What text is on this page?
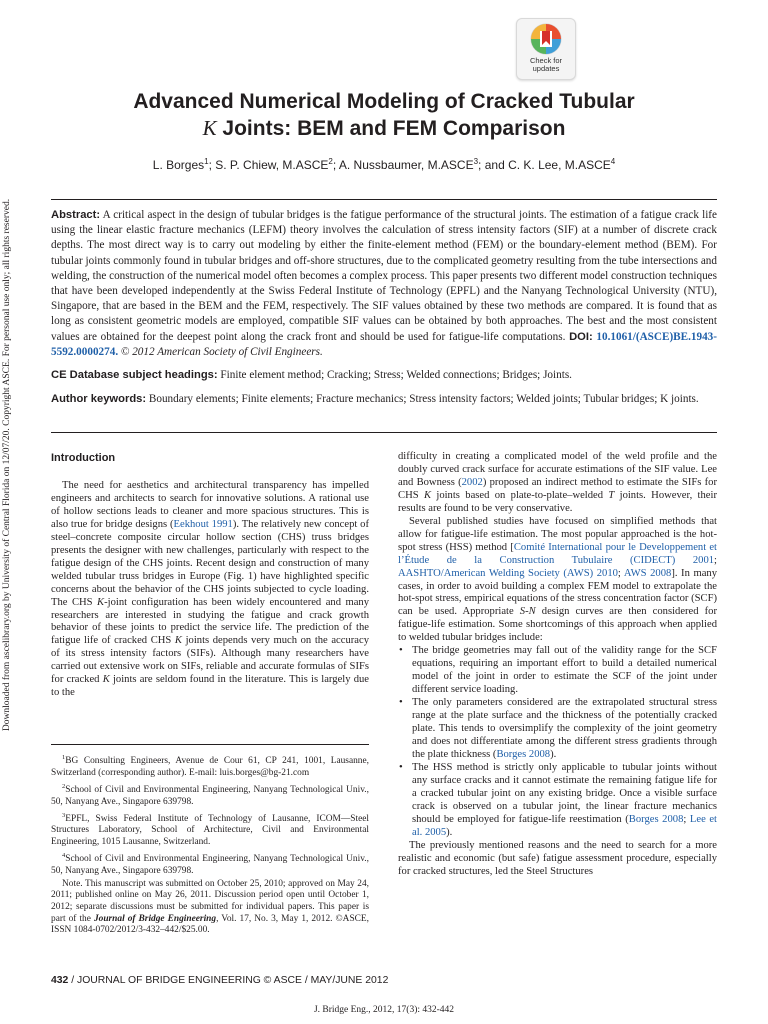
Check for
updates
Downloaded from ascelibrary.org by University of Central Florida on 12/07/20. Copyright ASCE. For personal use only; all rights reserved.
Advanced Numerical Modeling of Cracked Tubular
K Joints: BEM and FEM Comparison
L. Borges$^1$; S. P. Chiew, M.ASCE$^2$; A. Nussbaumer, M.ASCE$^3$; and C. K. Lee, M.ASCE$^4$
Abstract: A critical aspect in the design of tubular bridges is the fatigue performance of the structural joints. The estimation of a fatigue crack life using the linear elastic fracture mechanics (LEFM) theory involves the calculation of stress intensity factors (SIF) at a number of discrete crack depths. The most direct way is to carry out modeling by either the finite-element method (FEM) or the boundary-element method (BEM). For tubular joints commonly found in tubular bridges and off-shore structures, due to the complicated geometry resulting from the tube intersections and welding, the construction of the numerical model often becomes a complex process. This paper presents two different model construction techniques that have been developed independently at the Swiss Federal Institute of Technology (EPFL) and the Nanyang Technological University (NTU), Singapore, that are based in the BEM and the FEM, respectively. The SIF values obtained by these two methods are compared. It is found that as long as consistent geometric models are employed, compatible SIF values can be obtained by both approaches. The best and the most consistent values are obtained for the deepest point along the crack front and should be used for fatigue-life computations. DOI: 10.1061/(ASCE)BE.1943-5592.0000274. © 2012 American Society of Civil Engineers.
CE Database subject headings: Finite element method; Cracking; Stress; Welded connections; Bridges; Joints.
Author keywords: Boundary elements; Finite elements; Fracture mechanics; Stress intensity factors; Welded joints; Tubular bridges; K joints.
Introduction

The need for aesthetics and architectural transparency has impelled engineers and architects to search for innovative solutions. A rational use of hollow sections leads to cleaner and more spacious structures. This is also true for bridge designs (Eekhout 1991). The relatively new concept of steel–concrete composite circular hollow section (CHS) truss bridges presents the designer with new challenges, particularly with respect to the fatigue design of the CHS joints. Recent design and construction of many welded tubular truss bridges in Europe (Fig. 1) have highlighted specific concerns about the behavior of the CHS joints subjected to cycle loading. The CHS K-joint configuration has been widely encountered and many researchers are interested in studying the fatigue and crack growth behavior of these joints to predict the service life. The prediction of the fatigue life of cracked CHS K joints depends very much on the accuracy of its stress intensity factors (SIFs). Although many researchers have carried out extensive work on SIFs, reliable and accurate formulas of SIFs for cracked K joints are seldom found in the literature. This is largely due to the

$^1$BG Consulting Engineers, Avenue de Cour 61, CP 241, 1001, Lausanne, Switzerland (corresponding author). E-mail: luis.borges@bg-21.com

$^2$School of Civil and Environmental Engineering, Nanyang Technological Univ., 50, Nanyang Ave., Singapore 639798.

$^3$EPFL, Swiss Federal Institute of Technology of Lausanne, ICOM—Steel Structures Laboratory, School of Architecture, Civil and Environmental Engineering, 1015 Lausanne, Switzerland.

$^4$School of Civil and Environmental Engineering, Nanyang Technological Univ., 50, Nanyang Ave., Singapore 639798.

Note. This manuscript was submitted on October 25, 2010; approved on May 24, 2011; published online on May 26, 2011. Discussion period open until October 1, 2012; separate discussions must be submitted for individual papers. This paper is part of the Journal of Bridge Engineering, Vol. 17, No. 3, May 1, 2012. ©ASCE, ISSN 1084-0702/2012/3-432–442/$25.00.

difficulty in creating a complicated model of the weld profile and the doubly curved crack surface for accurate estimations of the SIF value. Lee and Bowness (2002) proposed an indirect method to estimate the SIFs for CHS K joints based on plate-to-plate–welded T joints. However, their results are found to be very conservative.

Several published studies have focused on simplified methods that allow for fatigue-life estimation. The most popular approached is the hot-spot stress (HSS) method [Comité International pour le Developpement et l’Étude de la Construction Tubulaire (CIDECT) 2001; AASHTO/American Welding Society (AWS) 2010; AWS 2008]. In many cases, in order to avoid building a complex FEM model to extrapolate the hot-spot stress, empirical equations of the stress concentration factor (SCF) can be used. Appropriate S-N design curves are then considered for fatigue-life estimation. Some shortcomings of this approach when applied to welded tubular bridges include:

• The bridge geometries may fall out of the validity range for the SCF equations, requiring an important effort to build a detailed numerical model of the joint in order to estimate the SCF of the joint under different service loading.
• The only parameters considered are the extrapolated structural stress range at the plate surface and the thickness of the potentially cracked plate. This tends to oversimplify the complexity of the joint geometry and does not differentiate among the different stress gradients through the plate thickness (Borges 2008).
• The HSS method is strictly only applicable to tubular joints without any surface cracks and it cannot estimate the remaining fatigue life for a cracked tubular joint on any existing bridge. Once a visible surface crack is observed on a tubular joint, the linear fracture mechanics should be employed for fatigue-life reestimation (Borges 2008; Lee et al. 2005).

The previously mentioned reasons and the need to search for a more realistic and economic (but safe) fatigue assessment procedure, especially for cracked structures, led the Steel Structures

432 / JOURNAL OF BRIDGE ENGINEERING © ASCE / MAY/JUNE 2012
J. Bridge Eng., 2012, 17(3): 432-442
